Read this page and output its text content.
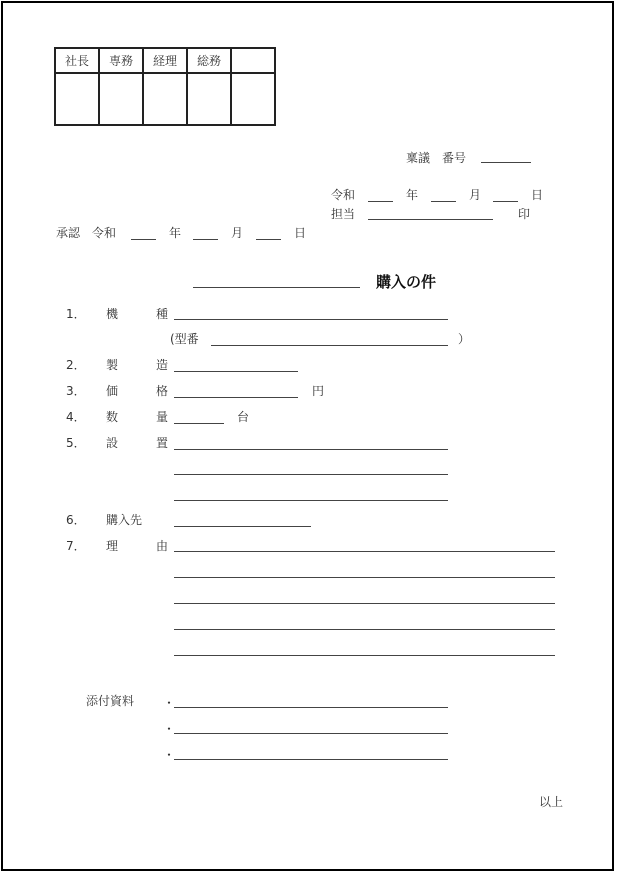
社長	専務	経理	総務	

稟議　番号
令和	年	月	日
担当	印
承認　令和	年	月	日
購入の件
1． 機　種
(型番	）
2． 製　造
3． 価　格	円
4． 数　量	台
5． 設　置
6． 購入先
7． 理　由
添付資料 ・
・
・
以上
